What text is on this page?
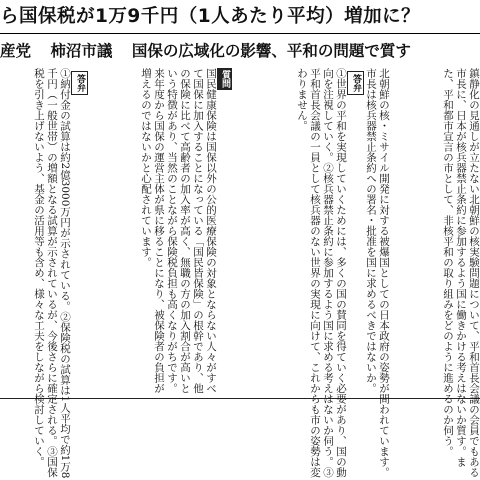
ら国保税が1万9千円（1人あたり平均）増加に？
産党 柿沼市議 国保の広域化の影響、平和の問題で質す

鎮静化の見通しが立たない北朝鮮の核実験問題について、平和首長会議の会員でもある市長に、日本が核兵器禁止条約に参加するよう国に働きかける考えはないか質す。また、平和都市宣言の市として、非核平和の取り組みをどのように進めるのか伺う。

北朝鮮の核・ミサイル開発に対する被爆国としての日本政府の姿勢が問われています。市長は核兵器禁止条約への署名・批准を国に求めるべきではないか。

答弁

①世界の平和を実現していくためには、多くの国の賛同を得ていく必要があり、国の動向を注視していく。②核兵器禁止条約に参加するよう国に求める考えはないか伺う。③平和首長会議の一員として核兵器のない世界の実現に向けて、これからも市の姿勢は変わりません。

質問

国民健康保険は国保以外の公的医療保険の対象とならない人々がすべて国保に加入することになっている「国民皆保険」の根幹であり、他の保険に比べて高齢者の加入率が高く、無職の方の加入割合が高いという特徴があり、当然のことながら保険税負担も高くなりがちです。来年度から国保の運営主体が県に移ることになり、被保険者の負担が増えるのではないかと心配されています。

答弁

①納付金の試算は約2億3000万円が示されている。②保険税の試算は1人平均で約1万8千円（一般世帯）の増額となる試算が示されているが、今後さらに確定される。③国保税を引き上げないよう、基金の活用等も含め、様々な工夫をしながら検討していく。
